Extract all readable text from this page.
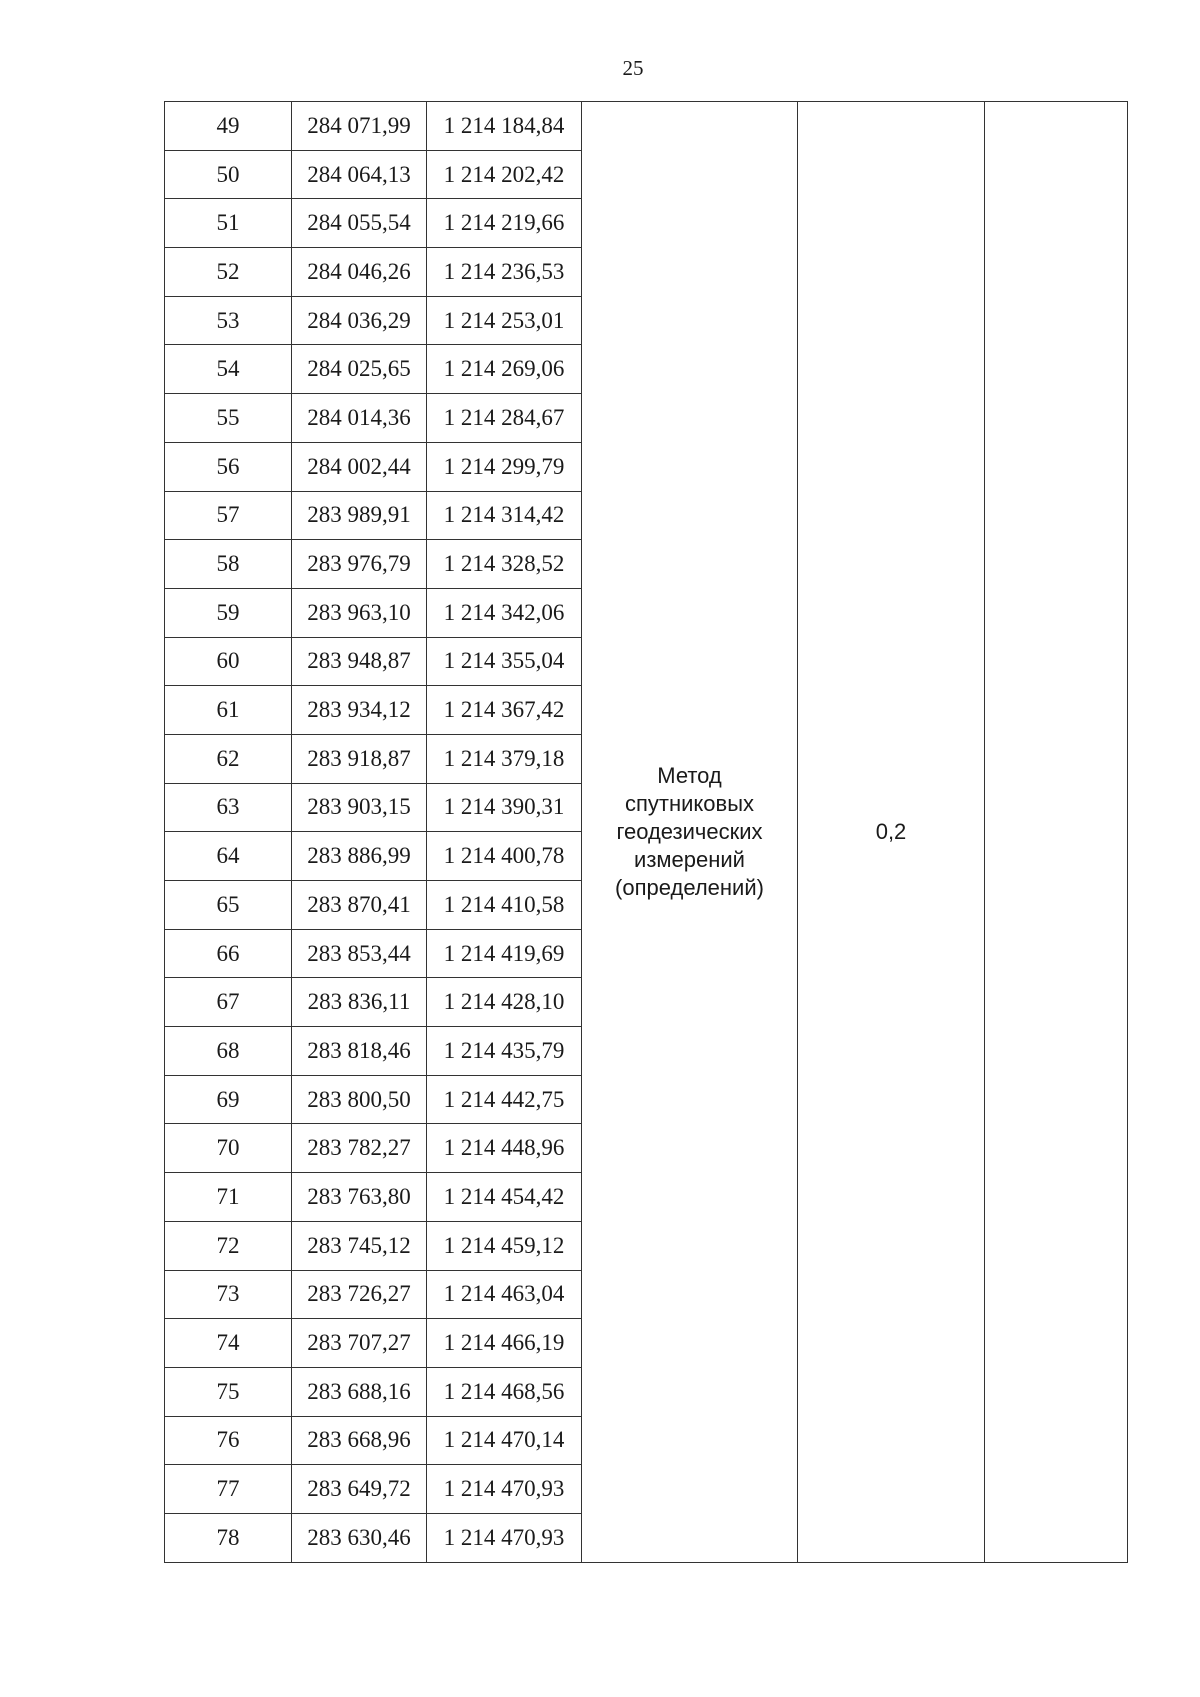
25
49	284 071,99	1 214 184,84	Метод
спутниковых
геодезических
измерений
(определений)	0,2	
50	284 064,13	1 214 202,42			
51	284 055,54	1 214 219,66			
52	284 046,26	1 214 236,53			
53	284 036,29	1 214 253,01			
54	284 025,65	1 214 269,06			
55	284 014,36	1 214 284,67			
56	284 002,44	1 214 299,79			
57	283 989,91	1 214 314,42			
58	283 976,79	1 214 328,52			
59	283 963,10	1 214 342,06			
60	283 948,87	1 214 355,04			
61	283 934,12	1 214 367,42			
62	283 918,87	1 214 379,18			
63	283 903,15	1 214 390,31			
64	283 886,99	1 214 400,78			
65	283 870,41	1 214 410,58			
66	283 853,44	1 214 419,69			
67	283 836,11	1 214 428,10			
68	283 818,46	1 214 435,79			
69	283 800,50	1 214 442,75			
70	283 782,27	1 214 448,96			
71	283 763,80	1 214 454,42			
72	283 745,12	1 214 459,12			
73	283 726,27	1 214 463,04			
74	283 707,27	1 214 466,19			
75	283 688,16	1 214 468,56			
76	283 668,96	1 214 470,14			
77	283 649,72	1 214 470,93			
78	283 630,46	1 214 470,93			
